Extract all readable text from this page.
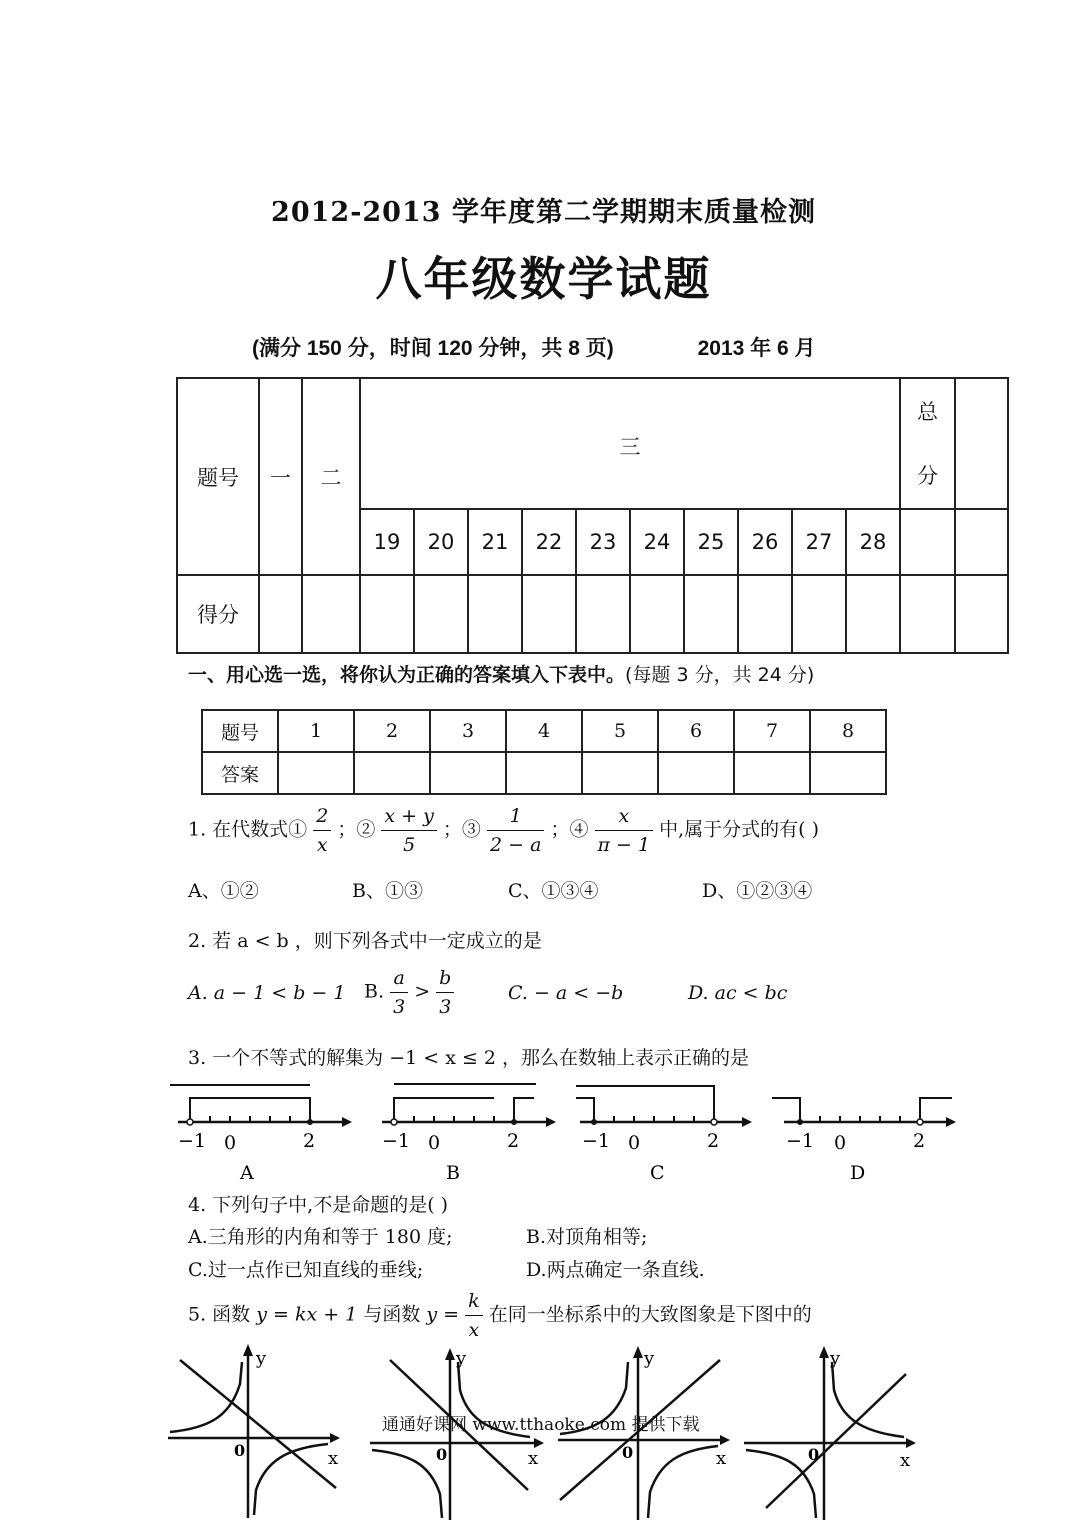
2012-2013 学年度第二学期期末质量检测
八年级数学试题
(满分 150 分，时间 120 分钟，共 8 页)	2013 年 6 月
题号	一	二	三										总
分	
			19	20	21	22	23	24	25	26	27	28		
得分														
一、用心选一选，将你认为正确的答案填入下表中。(每题 3 分，共 24 分)
题号	1	2	3	4	5	6	7	8
答案								
1. 在代数式① $\frac{2}{x}$ ；② $\frac{x + y}{5}$ ；③ $\frac{1}{2 - a}$ ；④ $\frac{x}{\pi - 1}$ 中,属于分式的有( )
A、①②	B、①③	C、①③④	D、①②③④
2. 若 a < b ，则下列各式中一定成立的是
A. a − 1 < b − 1 B. $\frac{a}{3} > \frac{b}{3}$	C. − a < −b	D. ac < bc
3. 一个不等式的解集为 −1 < x ≤ 2 ，那么在数轴上表示正确的是
−1 0	2
A
−1 0	2
B
−1 0	2
C
−1 0	2
D
4. 下列句子中,不是命题的是( )
A.三角形的内角和等于 180 度;	B.对顶角相等;
C.过一点作已知直线的垂线;	D.两点确定一条直线.
5. 函数 y = kx + 1 与函数 $y = \frac{k}{x}$ 在同一坐标系中的大致图象是下图中的
y
x
0
y
x
0
y
x
0
y
x
0
通通好课网 www.tthaoke.com 提供下载
